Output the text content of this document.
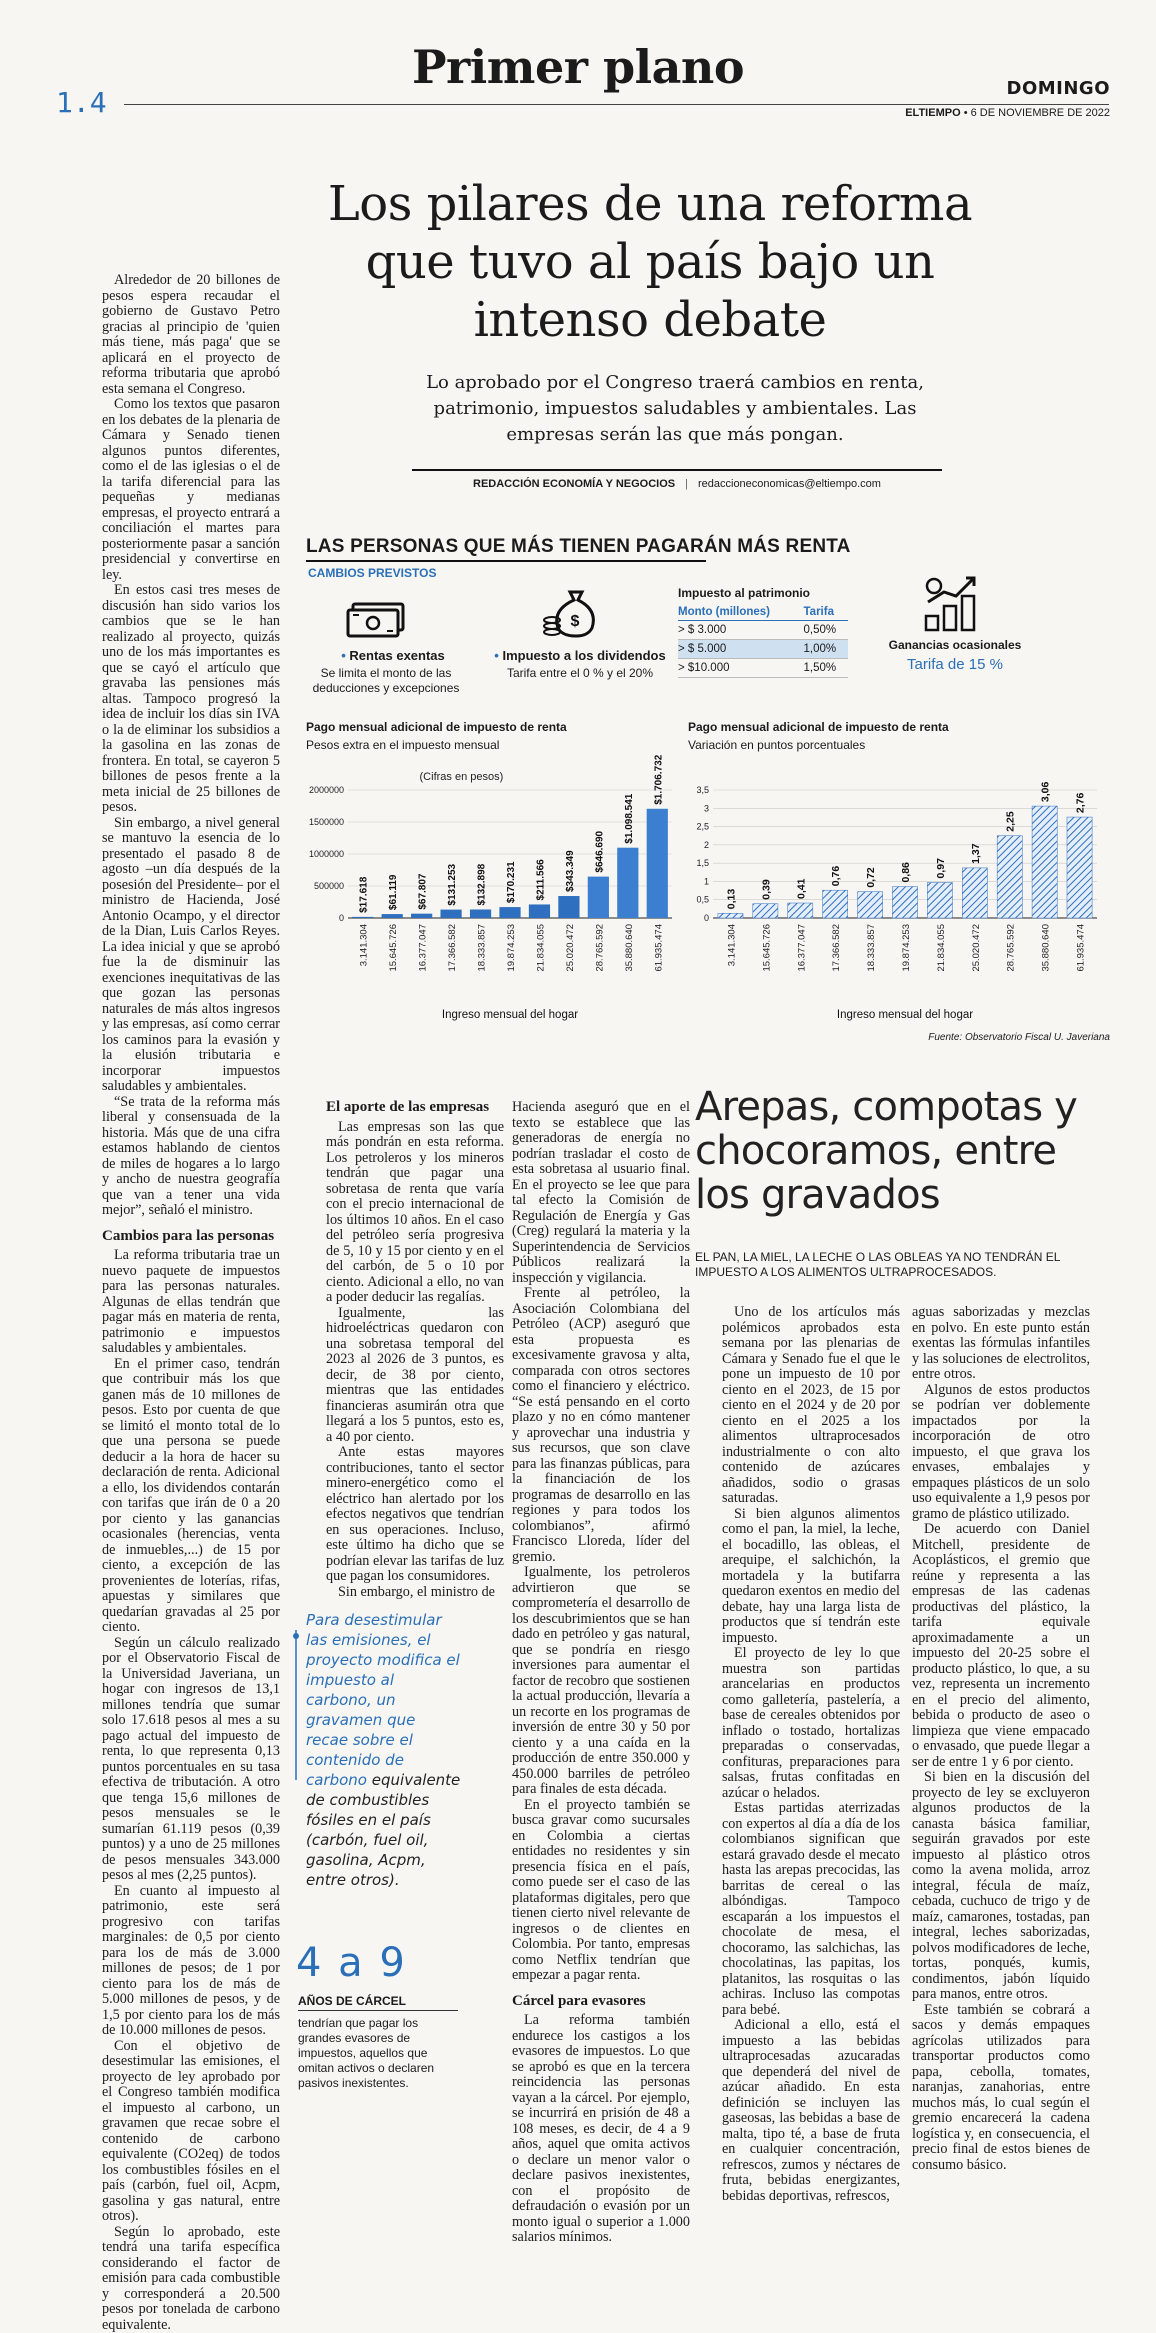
Primer plano
1.4	DOMINGO
ELTIEMPO • 6 DE NOVIEMBRE DE 2022
Los pilares de una reforma que tuvo al país bajo un intenso debate
Lo aprobado por el Congreso traerá cambios en renta, patrimonio, impuestos saludables y ambientales. Las empresas serán las que más pongan.
REDACCIÓN ECONOMÍA Y NEGOCIOS | redaccioneconomicas@eltiempo.com

Alrededor de 20 billones de pesos espera recaudar el gobierno de Gustavo Petro gracias al principio de 'quien más tiene, más paga' que se aplicará en el proyecto de reforma tributaria que aprobó esta semana el Congreso.

Como los textos que pasaron en los debates de la plenaria de Cámara y Senado tienen algunos puntos diferentes, como el de las iglesias o el de la tarifa diferencial para las pequeñas y medianas empresas, el proyecto entrará a conciliación el martes para posteriormente pasar a sanción presidencial y convertirse en ley.

En estos casi tres meses de discusión han sido varios los cambios que se le han realizado al proyecto, quizás uno de los más importantes es que se cayó el artículo que gravaba las pensiones más altas. Tampoco progresó la idea de incluir los días sin IVA o la de eliminar los subsidios a la gasolina en las zonas de frontera. En total, se cayeron 5 billones de pesos frente a la meta inicial de 25 billones de pesos.

Sin embargo, a nivel general se mantuvo la esencia de lo presentado el pasado 8 de agosto –un día después de la posesión del Presidente– por el ministro de Hacienda, José Antonio Ocampo, y el director de la Dian, Luis Carlos Reyes. La idea inicial y que se aprobó fue la de disminuir las exenciones inequitativas de las que gozan las personas naturales de más altos ingresos y las empresas, así como cerrar los caminos para la evasión y la elusión tributaria e incorporar impuestos saludables y ambientales.

“Se trata de la reforma más liberal y consensuada de la historia. Más que de una cifra estamos hablando de cientos de miles de hogares a lo largo y ancho de nuestra geografía que van a tener una vida mejor”, señaló el ministro.

Cambios para las personas

La reforma tributaria trae un nuevo paquete de impuestos para las personas naturales. Algunas de ellas tendrán que pagar más en materia de renta, patrimonio e impuestos saludables y ambientales.

En el primer caso, tendrán que contribuir más los que ganen más de 10 millones de pesos. Esto por cuenta de que se limitó el monto total de lo que una persona se puede deducir a la hora de hacer su declaración de renta. Adicional a ello, los dividendos contarán con tarifas que irán de 0 a 20 por ciento y las ganancias ocasionales (herencias, venta de inmuebles,...) de 15 por ciento, a excepción de las provenientes de loterías, rifas, apuestas y similares que quedarían gravadas al 25 por ciento.

Según un cálculo realizado por el Observatorio Fiscal de la Universidad Javeriana, un hogar con ingresos de 13,1 millones tendría que sumar solo 17.618 pesos al mes a su pago actual del impuesto de renta, lo que representa 0,13 puntos porcentuales en su tasa efectiva de tributación. A otro que tenga 15,6 millones de pesos mensuales se le sumarían 61.119 pesos (0,39 puntos) y a uno de 25 millones de pesos mensuales 343.000 pesos al mes (2,25 puntos).

En cuanto al impuesto al patrimonio, este será progresivo con tarifas marginales: de 0,5 por ciento para los de más de 3.000 millones de pesos; de 1 por ciento para los de más de 5.000 millones de pesos, y de 1,5 por ciento para los de más de 10.000 millones de pesos.

Con el objetivo de desestimular las emisiones, el proyecto de ley aprobado por el Congreso también modifica el impuesto al carbono, un gravamen que recae sobre el contenido de carbono equivalente (CO2eq) de todos los combustibles fósiles en el país (carbón, fuel oil, Acpm, gasolina y gas natural, entre otros).

Según lo aprobado, este tendrá una tarifa específica considerando el factor de emisión para cada combustible y corresponderá a 20.500 pesos por tonelada de carbono equivalente.

LAS PERSONAS QUE MÁS TIENEN PAGARÁN MÁS RENTA
CAMBIOS PREVISTOS
• Rentas exentas
Se limita el monto de las deducciones y excepciones
$
• Impuesto a los dividendos
Tarifa entre el 0 % y el 20%
Impuesto al patrimonio
Monto (millones)	Tarifa
> $ 3.000	0,50%
> $ 5.000	1,00%
> $10.000	1,50%
Ganancias ocasionales
Tarifa de 15 %
Pago mensual adicional de impuesto de renta
Pesos extra en el impuesto mensual
Pago mensual adicional de impuesto de renta
Variación en puntos porcentuales
0
500000
1000000
1500000
2000000
(Cifras en pesos)
$17.618
3.141.304
$61.119
15.645.726
$67.807
16.377.047
$131.253
17.366.582
$132.898
18.333.857
$170.231
19.874.253
$211.566
21.834.055
$343.349
25.020.472
$646.690
28.765.592
$1.098.541
35.880.640
$1.706.732
61.935.474
Ingreso mensual del hogar
0
0,5
1
1,5
2
2,5
3
3,5
0,13
3.141.304
0,39
15.645.726
0,41
16.377.047
0,76
17.366.582
0,72
18.333.857
0,86
19.874.253
0,97
21.834.055
1,37
25.020.472
2,25
28.765.592
3,06
35.880.640
2,76
61.935.474
Ingreso mensual del hogar
Fuente: Observatorio Fiscal U. Javeriana
El aporte de las empresas

Las empresas son las que más pondrán en esta reforma. Los petroleros y los mineros tendrán que pagar una sobretasa de renta que varía con el precio internacional de los últimos 10 años. En el caso del petróleo sería progresiva de 5, 10 y 15 por ciento y en el del carbón, de 5 o 10 por ciento. Adicional a ello, no van a poder deducir las regalías.

Igualmente, las hidroeléctricas quedaron con una sobretasa temporal del 2023 al 2026 de 3 puntos, es decir, de 38 por ciento, mientras que las entidades financieras asumirán otra que llegará a los 5 puntos, esto es, a 40 por ciento.

Ante estas mayores contribuciones, tanto el sector minero-energético como el eléctrico han alertado por los efectos negativos que tendrían en sus operaciones. Incluso, este último ha dicho que se podrían elevar las tarifas de luz que pagan los consumidores.

Sin embargo, el ministro de

Hacienda aseguró que en el texto se establece que las generadoras de energía no podrían trasladar el costo de esta sobretasa al usuario final. En el proyecto se lee que para tal efecto la Comisión de Regulación de Energía y Gas (Creg) regulará la materia y la Superintendencia de Servicios Públicos realizará la inspección y vigilancia.

Frente al petróleo, la Asociación Colombiana del Petróleo (ACP) aseguró que esta propuesta es excesivamente gravosa y alta, comparada con otros sectores como el financiero y eléctrico. “Se está pensando en el corto plazo y no en cómo mantener y aprovechar una industria y sus recursos, que son clave para las finanzas públicas, para la financiación de los programas de desarrollo en las regiones y para todos los colombianos”, afirmó Francisco Lloreda, líder del gremio.

Igualmente, los petroleros advirtieron que se comprometería el desarrollo de los descubrimientos que se han dado en petróleo y gas natural, que se pondría en riesgo inversiones para aumentar el factor de recobro que sostienen la actual producción, llevaría a un recorte en los programas de inversión de entre 30 y 50 por ciento y a una caída en la producción de entre 350.000 y 450.000 barriles de petróleo para finales de esta década.

En el proyecto también se busca gravar como sucursales en Colombia a ciertas entidades no residentes y sin presencia física en el país, como puede ser el caso de las plataformas digitales, pero que tienen cierto nivel relevante de ingresos o de clientes en Colombia. Por tanto, empresas como Netflix tendrían que empezar a pagar renta.

Cárcel para evasores

La reforma también endurece los castigos a los evasores de impuestos. Lo que se aprobó es que en la tercera reincidencia las personas vayan a la cárcel. Por ejemplo, se incurrirá en prisión de 48 a 108 meses, es decir, de 4 a 9 años, aquel que omita activos o declare un menor valor o declare pasivos inexistentes, con el propósito de defraudación o evasión por un monto igual o superior a 1.000 salarios mínimos.

Para desestimular las emisiones, el proyecto modifica el impuesto al carbono, un gravamen que recae sobre el contenido de carbono equivalente de combustibles fósiles en el país (carbón, fuel oil, gasolina, Acpm, entre otros).
4 a 9
AÑOS DE CÁRCEL
tendrían que pagar los grandes evasores de impuestos, aquellos que omitan activos o declaren pasivos inexistentes.
Arepas, compotas y chocoramos, entre los gravados
EL PAN, LA MIEL, LA LECHE O LAS OBLEAS YA NO TENDRÁN EL IMPUESTO A LOS ALIMENTOS ULTRAPROCESADOS.

Uno de los artículos más polémicos aprobados esta semana por las plenarias de Cámara y Senado fue el que le pone un impuesto de 10 por ciento en el 2023, de 15 por ciento en el 2024 y de 20 por ciento en el 2025 a los alimentos ultraprocesados industrialmente o con alto contenido de azúcares añadidos, sodio o grasas saturadas.

Si bien algunos alimentos como el pan, la miel, la leche, el bocadillo, las obleas, el arequipe, el salchichón, la mortadela y la butifarra quedaron exentos en medio del debate, hay una larga lista de productos que sí tendrán este impuesto.

El proyecto de ley lo que muestra son partidas arancelarias en productos como galletería, pastelería, a base de cereales obtenidos por inflado o tostado, hortalizas preparadas o conservadas, confituras, preparaciones para salsas, frutas confitadas en azúcar o helados.

Estas partidas aterrizadas con expertos al día a día de los colombianos significan que estará gravado desde el mecato hasta las arepas precocidas, las barritas de cereal o las albóndigas. Tampoco escaparán a los impuestos el chocolate de mesa, el chocoramo, las salchichas, las chocolatinas, las papitas, los platanitos, las rosquitas o las achiras. Incluso las compotas para bebé.

Adicional a ello, está el impuesto a las bebidas ultraprocesadas azucaradas que dependerá del nivel de azúcar añadido. En esta definición se incluyen las gaseosas, las bebidas a base de malta, tipo té, a base de fruta en cualquier concentración, refrescos, zumos y néctares de fruta, bebidas energizantes, bebidas deportivas, refrescos,

aguas saborizadas y mezclas en polvo. En este punto están exentas las fórmulas infantiles y las soluciones de electrolitos, entre otros.

Algunos de estos productos se podrían ver doblemente impactados por la incorporación de otro impuesto, el que grava los envases, embalajes y empaques plásticos de un solo uso equivalente a 1,9 pesos por gramo de plástico utilizado.

De acuerdo con Daniel Mitchell, presidente de Acoplásticos, el gremio que reúne y representa a las empresas de las cadenas productivas del plástico, la tarifa equivale aproximadamente a un impuesto del 20-25 sobre el producto plástico, lo que, a su vez, representa un incremento en el precio del alimento, bebida o producto de aseo o limpieza que viene empacado o envasado, que puede llegar a ser de entre 1 y 6 por ciento.

Si bien en la discusión del proyecto de ley se excluyeron algunos productos de la canasta básica familiar, seguirán gravados por este impuesto al plástico otros como la avena molida, arroz integral, fécula de maíz, cebada, cuchuco de trigo y de maíz, camarones, tostadas, pan integral, leches saborizadas, polvos modificadores de leche, tortas, ponqués, kumis, condimentos, jabón líquido para manos, entre otros.

Este también se cobrará a sacos y demás empaques agrícolas utilizados para transportar productos como papa, cebolla, tomates, naranjas, zanahorias, entre muchos más, lo cual según el gremio encarecerá la cadena logística y, en consecuencia, el precio final de estos bienes de consumo básico.
